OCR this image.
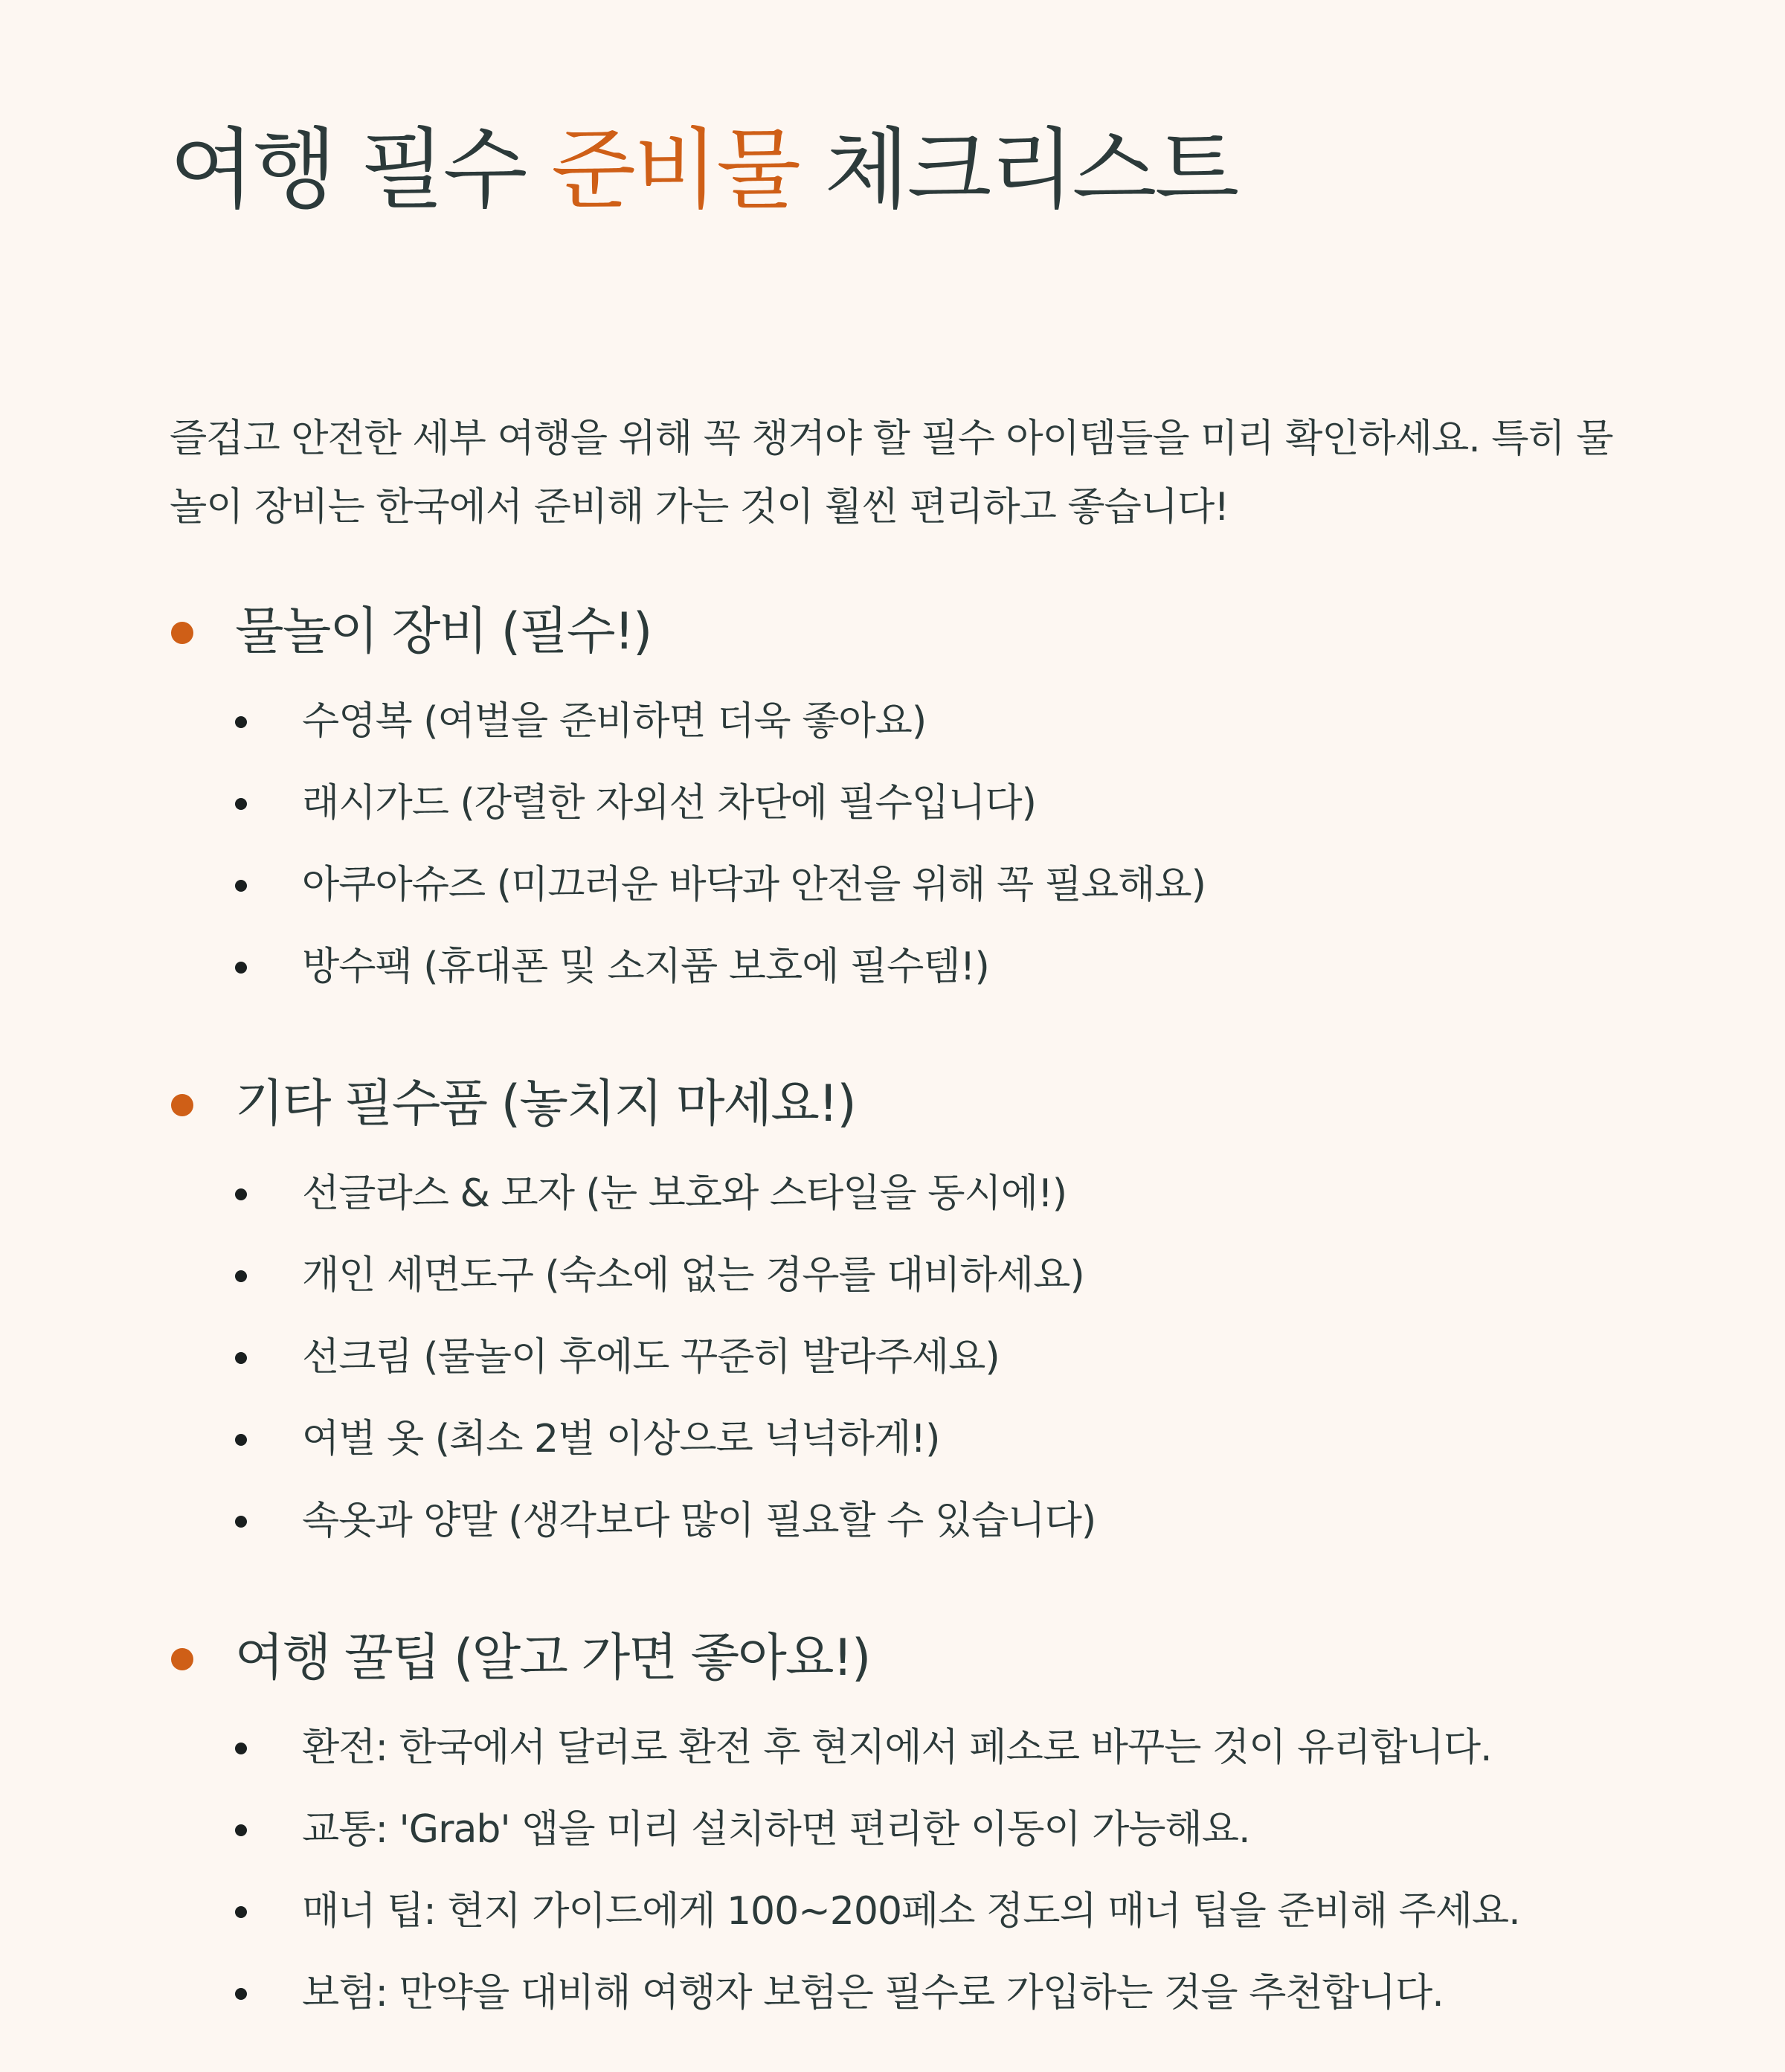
여행 필수 준비물 체크리스트

즐겁고 안전한 세부 여행을 위해 꼭 챙겨야 할 필수 아이템들을 미리 확인하세요. 특히 물놀이 장비는 한국에서 준비해 가는 것이 훨씬 편리하고 좋습니다!

물놀이 장비 (필수!)
수영복 (여벌을 준비하면 더욱 좋아요)
래시가드 (강렬한 자외선 차단에 필수입니다)
아쿠아슈즈 (미끄러운 바닥과 안전을 위해 꼭 필요해요)
방수팩 (휴대폰 및 소지품 보호에 필수템!)
기타 필수품 (놓치지 마세요!)
선글라스 & 모자 (눈 보호와 스타일을 동시에!)
개인 세면도구 (숙소에 없는 경우를 대비하세요)
선크림 (물놀이 후에도 꾸준히 발라주세요)
여벌 옷 (최소 2벌 이상으로 넉넉하게!)
속옷과 양말 (생각보다 많이 필요할 수 있습니다)
여행 꿀팁 (알고 가면 좋아요!)
환전: 한국에서 달러로 환전 후 현지에서 페소로 바꾸는 것이 유리합니다.
교통: 'Grab' 앱을 미리 설치하면 편리한 이동이 가능해요.
매너 팁: 현지 가이드에게 100~200페소 정도의 매너 팁을 준비해 주세요.
보험: 만약을 대비해 여행자 보험은 필수로 가입하는 것을 추천합니다.
